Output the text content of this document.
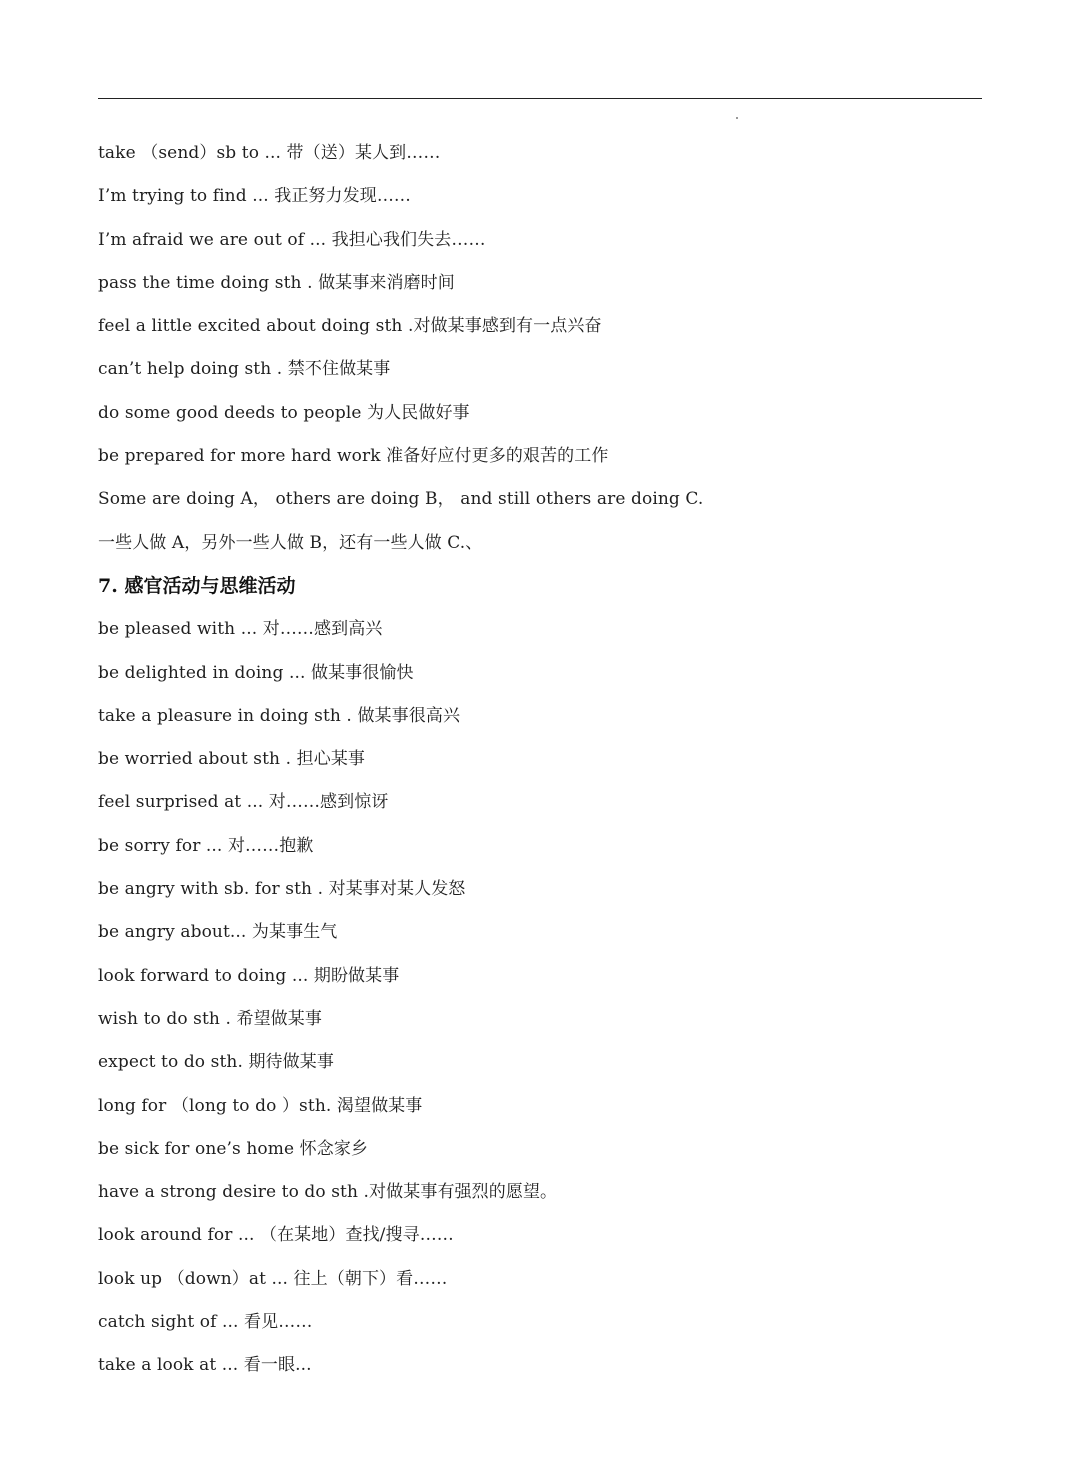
take （send）sb to ... 带（送）某人到……
I’m trying to find ... 我正努力发现……
I’m afraid we are out of ... 我担心我们失去……
pass the time doing sth . 做某事来消磨时间
feel a little excited about doing sth .对做某事感到有一点兴奋
can’t help doing sth . 禁不住做某事
do some good deeds to people 为人民做好事
be prepared for more hard work 准备好应付更多的艰苦的工作
Some are doing A， others are doing B， and still others are doing C.
一些人做 A，另外一些人做 B，还有一些人做 C.、
7. 感官活动与思维活动
be pleased with ... 对……感到高兴
be delighted in doing ... 做某事很愉快
take a pleasure in doing sth . 做某事很高兴
be worried about sth . 担心某事
feel surprised at ... 对……感到惊讶
be sorry for ... 对……抱歉
be angry with sb. for sth . 对某事对某人发怒
be angry about... 为某事生气
look forward to doing ... 期盼做某事
wish to do sth . 希望做某事
expect to do sth. 期待做某事
long for （long to do ）sth. 渴望做某事
be sick for one’s home 怀念家乡
have a strong desire to do sth .对做某事有强烈的愿望。
look around for ... （在某地）查找/搜寻……
look up （down）at ... 往上（朝下）看……
catch sight of ... 看见……
take a look at ... 看一眼...
